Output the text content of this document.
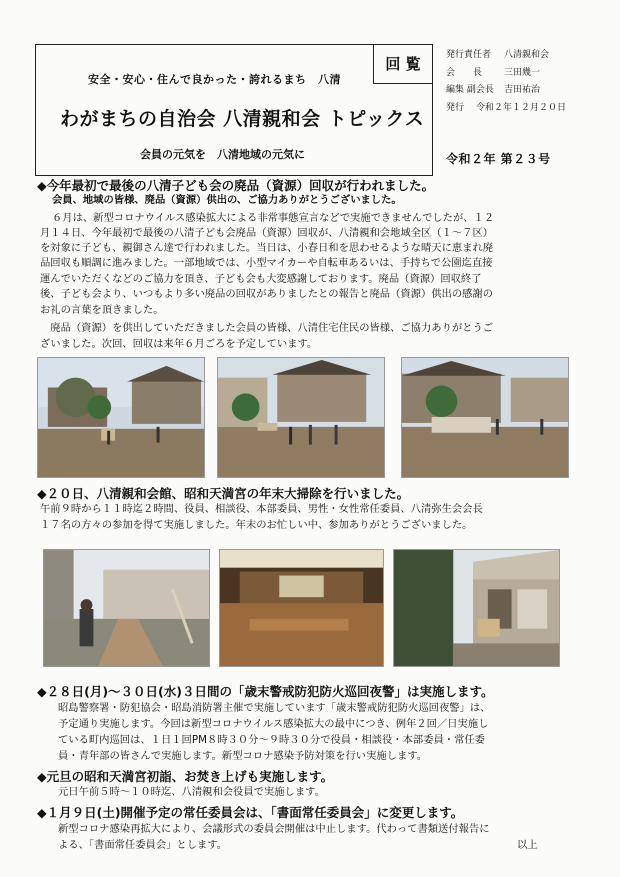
安全・安心・住んで良かった・誇れるまち　八清
わがまちの自治会 八清親和会 トピックス
会員の元気を　八清地域の元気に
回 覧	発行責任者 八清親和会
会　　長 三田幾一
編集 副会長 吉田祐治
発行 令和２年１２月２０日
令和２年 第２３号
◆今年最初で最後の八清子ども会の廃品（資源）回収が行われました。
会員、地域の皆様、廃品（資源）供出の、ご協力ありがとうございました。
６月は、新型コロナウイルス感染拡大による非常事態宣言などで実施できませんでしたが、１２
月１４日、今年最初で最後の八清子ども会廃品（資源）回収が、八清親和会地域全区（１～７区）
を対象に子ども、親御さん達で行われました。当日は、小春日和を思わせるような晴天に恵まれ廃
品回収も順調に進みました。一部地域では、小型マイカーや自転車あるいは、手持ちで公園迄直接
運んでいただくなどのご協力を頂き、子ども会も大変感謝しております。廃品（資源）回収終了
後、子ども会より、いつもより多い廃品の回収がありましたとの報告と廃品（資源）供出の感謝の
お礼の言葉を頂きました。
　廃品（資源）を供出していただきました会員の皆様、八清住宅住民の皆様、ご協力ありがとうご
ざいました。次回、回収は来年６月ごろを予定しています。
◆２０日、八清親和会館、昭和天満宮の年末大掃除を行いました。
午前９時から１１時迄２時間、役員、相談役、本部委員、男性・女性常任委員、八清弥生会会長
１７名の方々の参加を得て実施しました。年末のお忙しい中、参加ありがとうございました。
◆２８日(月)～３０日(水)３日間の「歳末警戒防犯防火巡回夜警」は実施します。
昭島警察署・防犯協会・昭島消防署主催で実施しています「歳末警戒防犯防火巡回夜警」は、
予定通り実施します。今回は新型コロナウイルス感染拡大の最中につき、例年２回／日実施し
ている町内巡回は、１日１回PM８時３０分～９時３０分で役員・相談役・本部委員・常任委
員・青年部の皆さんで実施します。新型コロナ感染予防対策を行い実施します。
◆元旦の昭和天満宮初詣、お焚き上げも実施します。
元日午前５時～１０時迄、八清親和会役員で実施します。
◆１月９日(土)開催予定の常任委員会は、「書面常任委員会」に変更します。
新型コロナ感染再拡大により、会議形式の委員会開催は中止します。代わって書類送付報告に
よる、「書面常任委員会」とします。	以上
